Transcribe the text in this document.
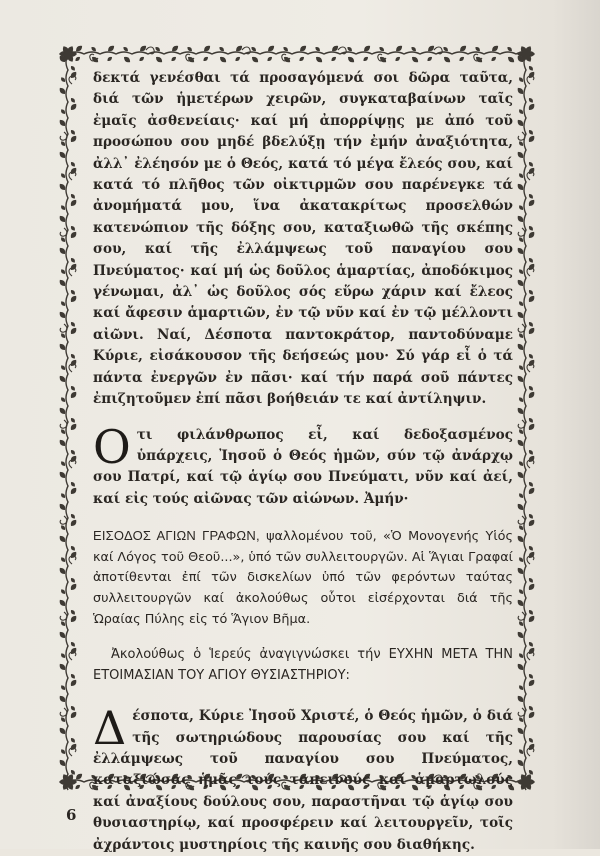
δεκτά γενέσθαι τά προσαγόμενά σοι δῶρα ταῦτα, διά τῶν ἡμετέρων χειρῶν, συγκαταβαίνων ταῖς ἐμαῖς ἀσθενείαις· καί μή ἀπορρίψῃς με ἀπό τοῦ προσώπου σου μηδέ βδελύξῃ τήν ἐμήν ἀναξιότητα, ἀλλ᾿ ἐλέησόν με ὁ Θεός, κατά τό μέγα ἔλεός σου, καί κατά τό πλῆθος τῶν οἰκτιρμῶν σου παρένεγκε τά ἀνομήματά μου, ἵνα ἀκατακρίτως προσελθών κατενώπιον τῆς δόξης σου, καταξιωθῶ τῆς σκέπης σου, καί τῆς ἐλλάμψεως τοῦ παναγίου σου Πνεύματος· καί μή ὡς δοῦλος ἁμαρτίας, ἀποδόκιμος γένωμαι, ἀλ᾿ ὡς δοῦλος σός εὕρω χάριν καί ἔλεος καί ἄφεσιν ἁμαρτιῶν, ἐν τῷ νῦν καί ἐν τῷ μέλλοντι αἰῶνι. Ναί, Δέσποτα παντοκράτορ, παντοδύναμε Κύριε, εἰσάκουσον τῆς δεήσεώς μου· Σύ γάρ εἶ ὁ τά πάντα ἐνεργῶν ἐν πᾶσι· καί τήν παρά σοῦ πάντες ἐπιζητοῦμεν ἐπί πᾶσι βοήθειάν τε καί ἀντίληψιν.

Οτι φιλάνθρωπος εἶ, καί δεδοξασμένος ὑπάρχεις, Ἰησοῦ ὁ Θεός ἡμῶν, σύν τῷ ἀνάρχῳ σου Πατρί, καί τῷ ἁγίῳ σου Πνεύματι, νῦν καί ἀεί, καί εἰς τούς αἰῶνας τῶν αἰώνων. Ἀμήν·

ΕΙΣΟΔΟΣ ΑΓΙΩΝ ΓΡΑΦΩΝ, ψαλλομένου τοῦ, «Ὁ Μονογενής Υἱός καί Λόγος τοῦ Θεοῦ...», ὑπό τῶν συλλειτουργῶν. Αἱ Ἅγιαι Γραφαί ἀποτίθενται ἐπί τῶν δισκελίων ὑπό τῶν φερόντων ταύτας συλλειτουργῶν καί ἀκολούθως οὗτοι εἰσέρχονται διά τῆς Ὡραίας Πύλης εἰς τό Ἅγιον Βῆμα.

Ἀκολούθως ὁ Ἱερεύς ἀναγιγνώσκει τήν ΕΥΧΗΝ ΜΕΤΑ ΤΗΝ ΕΤΟΙΜΑΣΙΑΝ ΤΟΥ ΑΓΙΟΥ ΘΥΣΙΑΣΤΗΡΙΟΥ:

Δέσποτα, Κύριε Ἰησοῦ Χριστέ, ὁ Θεός ἡμῶν, ὁ διά τῆς σωτηριώδους παρουσίας σου καί τῆς ἐλλάμψεως τοῦ παναγίου σου Πνεύματος, καταξιώσας ἡμᾶς τούς ταπεινούς καί ἁμαρτωλούς καί ἀναξίους δούλους σου, παραστῆναι τῷ ἁγίῳ σου θυσιαστηρίῳ, καί προσφέρειν καί λειτουργεῖν, τοῖς ἀχράντοις μυστηρίοις τῆς καινῆς σου διαθήκης.

6
